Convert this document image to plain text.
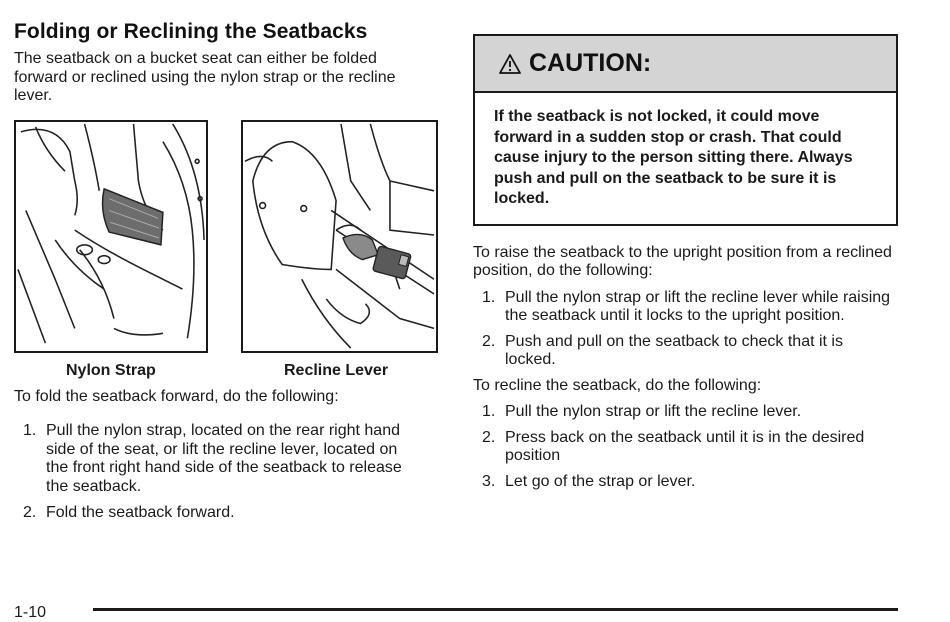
Folding or Reclining the Seatbacks

The seatback on a bucket seat can either be folded forward or reclined using the nylon strap or the recline lever.

Nylon Strap	Recline Lever

To fold the seatback forward, do the following:

1. Pull the nylon strap, located on the rear right hand side of the seat, or lift the recline lever, located on the front right hand side of the seatback to release the seatback.
2. Fold the seatback forward.
CAUTION:
If the seatback is not locked, it could move forward in a sudden stop or crash. That could cause injury to the person sitting there. Always push and pull on the seatback to be sure it is locked.

To raise the seatback to the upright position from a reclined position, do the following:

1. Pull the nylon strap or lift the recline lever while raising the seatback until it locks to the upright position.
2. Push and pull on the seatback to check that it is locked.

To recline the seatback, do the following:

1. Pull the nylon strap or lift the recline lever.
2. Press back on the seatback until it is in the desired position
3. Let go of the strap or lever.
1-10
